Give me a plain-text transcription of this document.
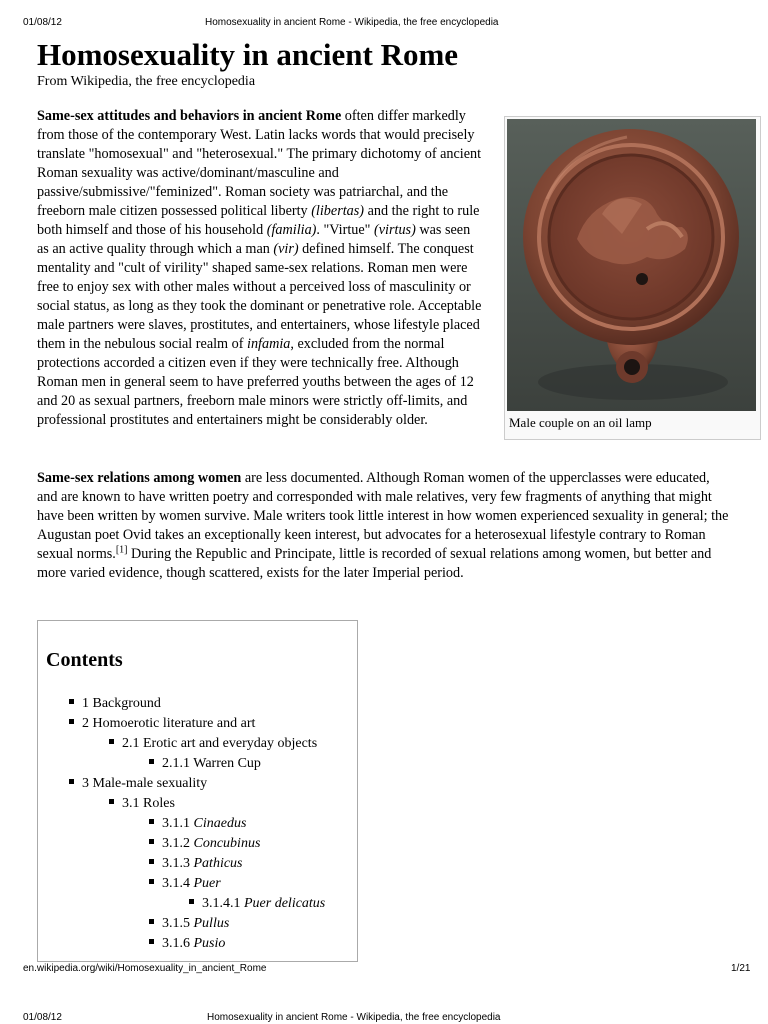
01/08/12	Homosexuality in ancient Rome - Wikipedia, the free encyclopedia
Homosexuality in ancient Rome
From Wikipedia, the free encyclopedia

Same-sex attitudes and behaviors in ancient Rome often differ markedly from those of the contemporary West. Latin lacks words that would precisely translate "homosexual" and "heterosexual." The primary dichotomy of ancient Roman sexuality was active/dominant/masculine and passive/submissive/"feminized". Roman society was patriarchal, and the freeborn male citizen possessed political liberty (libertas) and the right to rule both himself and those of his household (familia). "Virtue" (virtus) was seen as an active quality through which a man (vir) defined himself. The conquest mentality and "cult of virility" shaped same-sex relations. Roman men were free to enjoy sex with other males without a perceived loss of masculinity or social status, as long as they took the dominant or penetrative role. Acceptable male partners were slaves, prostitutes, and entertainers, whose lifestyle placed them in the nebulous social realm of infamia, excluded from the normal protections accorded a citizen even if they were technically free. Although Roman men in general seem to have preferred youths between the ages of 12 and 20 as sexual partners, freeborn male minors were strictly off-limits, and professional prostitutes and entertainers might be considerably older.	Male couple on an oil lamp

Same-sex relations among women are less documented. Although Roman women of the upperclasses were educated, and are known to have written poetry and corresponded with male relatives, very few fragments of anything that might have been written by women survive. Male writers took little interest in how women experienced sexuality in general; the Augustan poet Ovid takes an exceptionally keen interest, but advocates for a heterosexual lifestyle contrary to Roman sexual norms.[1] During the Republic and Principate, little is recorded of sexual relations among women, but better and more varied evidence, though scattered, exists for the later Imperial period.

Contents
1 Background
2 Homoerotic literature and art
2.1 Erotic art and everyday objects
2.1.1 Warren Cup
3 Male-male sexuality
3.1 Roles
3.1.1 Cinaedus
3.1.2 Concubinus
3.1.3 Pathicus
3.1.4 Puer
3.1.4.1 Puer delicatus
3.1.5 Pullus
3.1.6 Pusio
en.wikipedia.org/wiki/Homosexuality_in_ancient_Rome	1/21
01/08/12	Homosexuality in ancient Rome - Wikipedia, the free encyclopedia
